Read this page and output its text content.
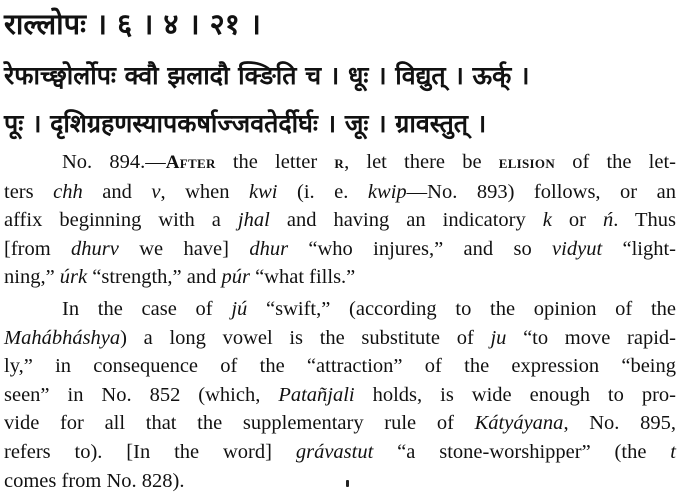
राल्लोपः । ६ । ४ । २१ ।
रेफाच्छ्वोर्लोपः क्वौ झलादौ क्ङिति च । धूः । विद्युत् । ऊर्क् ।
पूः । दृशिग्रहणस्यापकर्षाज्जवतेर्दीर्घः । जूः । ग्रावस्तुत् ।
No. 894.—After the letter r, let there be elision of the let-
ters chh and v, when kwi (i. e. kwip—No. 893) follows, or an
affix beginning with a jhal and having an indicatory k or ń. Thus
[from dhurv we have] dhur “who injures,” and so vidyut “light-
ning,” úrk “strength,” and púr “what fills.”
In the case of jú “swift,” (according to the opinion of the
Mahábháshya) a long vowel is the substitute of ju “to move rapid-
ly,” in consequence of the “attraction” of the expression “being
seen” in No. 852 (which, Patañjali holds, is wide enough to pro-
vide for all that the supplementary rule of Kátyáyana, No. 895,
refers to). [In the word] grávastut “a stone-worshipper” (the t
comes from No. 828).
